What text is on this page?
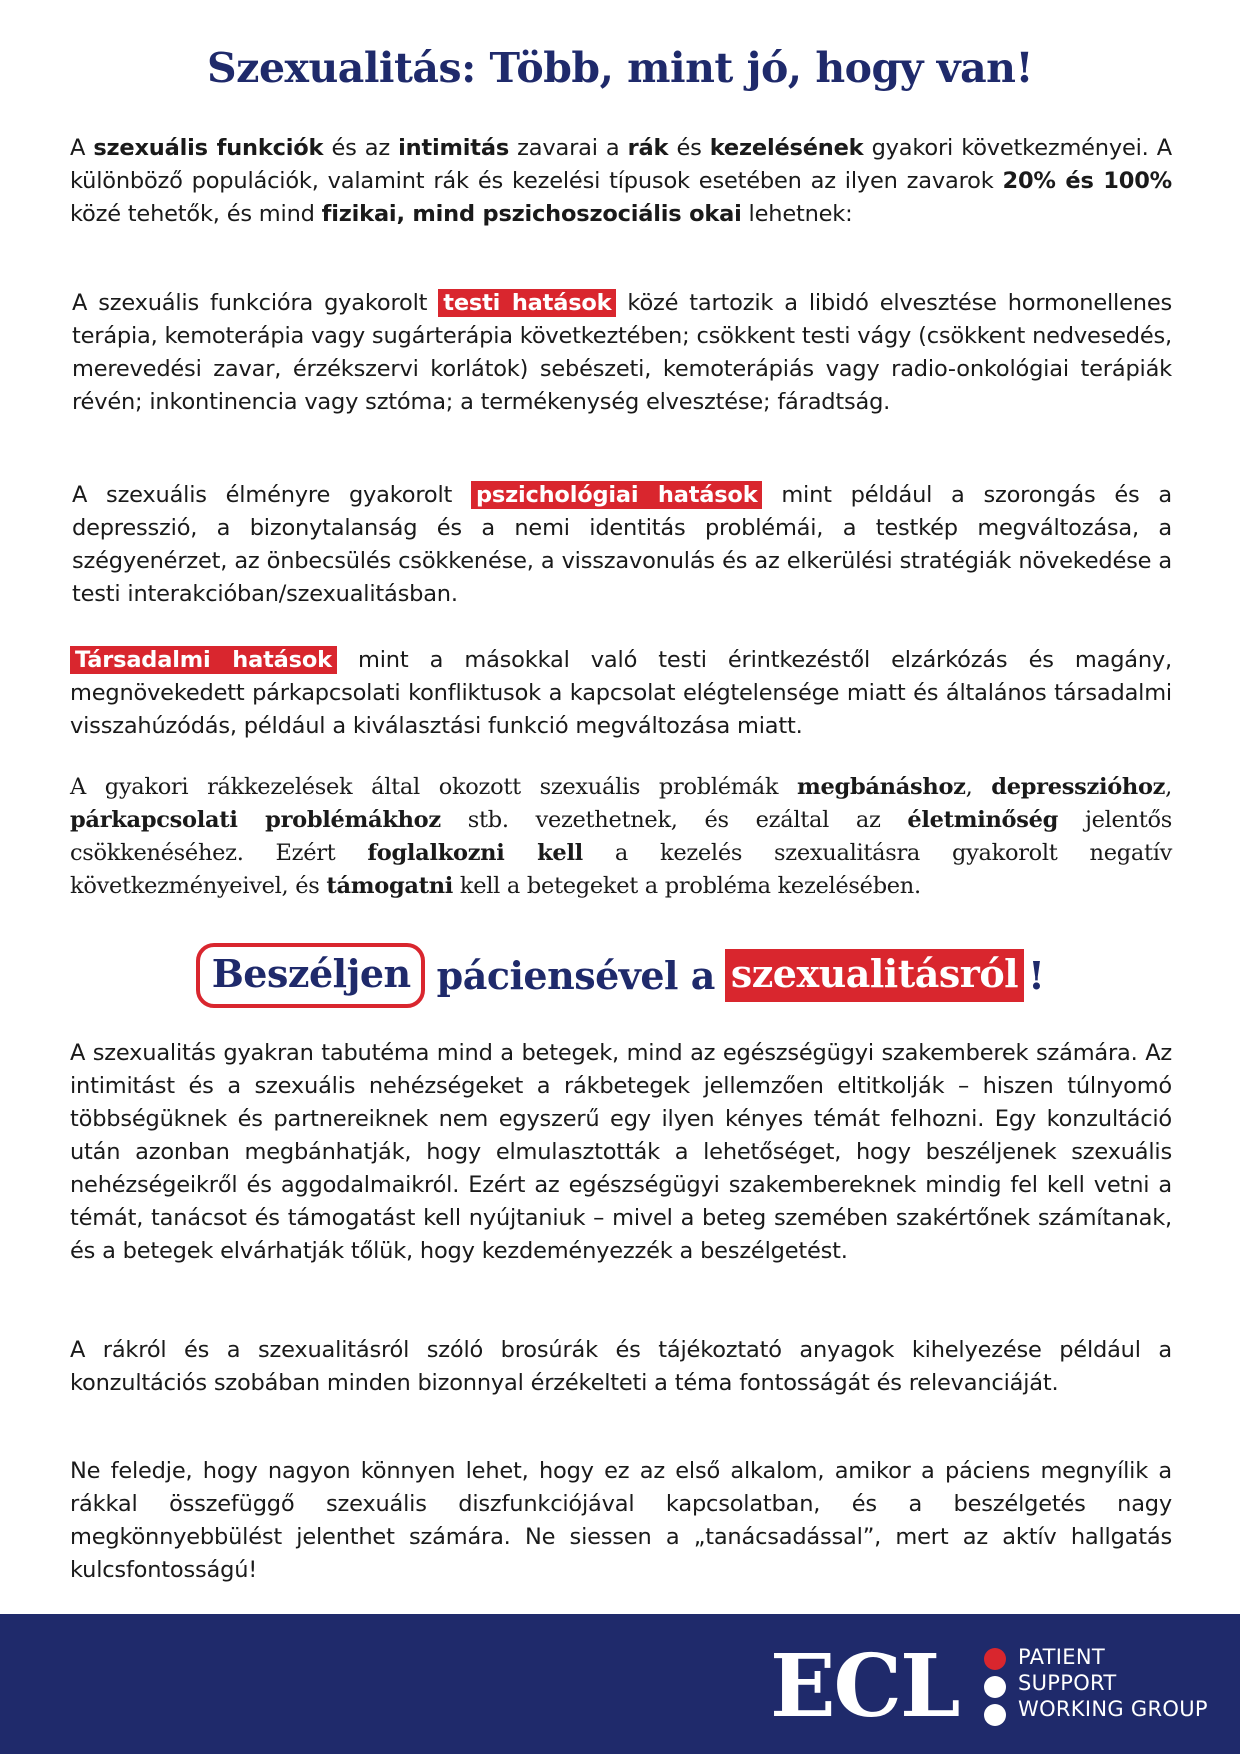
Szexualitás: Több, mint jó, hogy van!

A szexuális funkciók és az intimitás zavarai a rák és kezelésének gyakori következményei. A különböző populációk, valamint rák és kezelési típusok esetében az ilyen zavarok 20% és 100% közé tehetők, és mind fizikai, mind pszichoszociális okai lehetnek:

A szexuális funkcióra gyakorolt testi hatások közé tartozik a libidó elvesztése hormonellenes terápia, kemoterápia vagy sugárterápia következtében; csökkent testi vágy (csökkent nedvesedés, merevedési zavar, érzékszervi korlátok) sebészeti, kemoterápiás vagy radio-onkológiai terápiák révén; inkontinencia vagy sztóma; a termékenység elvesztése; fáradtság.

A szexuális élményre gyakorolt pszichológiai hatások mint például a szorongás és a depresszió, a bizonytalanság és a nemi identitás problémái, a testkép megváltozása, a szégyenérzet, az önbecsülés csökkenése, a visszavonulás és az elkerülési stratégiák növekedése a testi interakcióban/szexualitásban.

Társadalmi hatások mint a másokkal való testi érintkezéstől elzárkózás és magány, megnövekedett párkapcsolati konfliktusok a kapcsolat elégtelensége miatt és általános társadalmi visszahúzódás, például a kiválasztási funkció megváltozása miatt.

A gyakori rákkezelések által okozott szexuális problémák megbánáshoz, depresszióhoz, párkapcsolati problémákhoz stb. vezethetnek, és ezáltal az életminőség jelentős csökkenéséhez. Ezért foglalkozni kell a kezelés szexualitásra gyakorolt negatív következményeivel, és támogatni kell a betegeket a probléma kezelésében.

Beszéljen páciensével a szexualitásról !

A szexualitás gyakran tabutéma mind a betegek, mind az egészségügyi szakemberek számára. Az intimitást és a szexuális nehézségeket a rákbetegek jellemzően eltitkolják – hiszen túlnyomó többségüknek és partnereiknek nem egyszerű egy ilyen kényes témát felhozni. Egy konzultáció után azonban megbánhatják, hogy elmulasztották a lehetőséget, hogy beszéljenek szexuális nehézségeikről és aggodalmaikról. Ezért az egészségügyi szakembereknek mindig fel kell vetni a témát, tanácsot és támogatást kell nyújtaniuk – mivel a beteg szemében szakértőnek számítanak, és a betegek elvárhatják tőlük, hogy kezdeményezzék a beszélgetést.

A rákról és a szexualitásról szóló brosúrák és tájékoztató anyagok kihelyezése például a konzultációs szobában minden bizonnyal érzékelteti a téma fontosságát és relevanciáját.

Ne feledje, hogy nagyon könnyen lehet, hogy ez az első alkalom, amikor a páciens megnyílik a rákkal összefüggő szexuális diszfunkciójával kapcsolatban, és a beszélgetés nagy megkönnyebbülést jelenthet számára. Ne siessen a „tanácsadással”, mert az aktív hallgatás kulcsfontosságú!

ECL	PATIENT
SUPPORT
WORKING GROUP
